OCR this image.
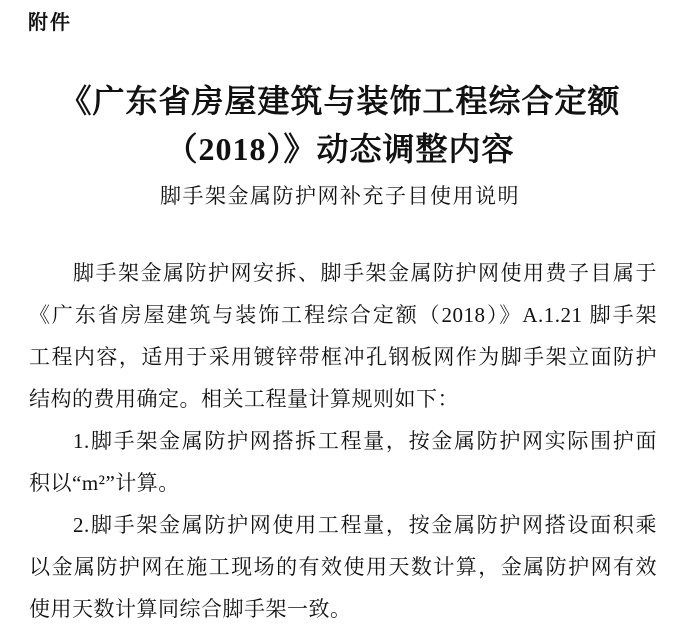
附件
《广东省房屋建筑与装饰工程综合定额
（2018）》动态调整内容
脚手架金属防护网补充子目使用说明
脚手架金属防护网安拆、脚手架金属防护网使用费子目属于
《广东省房屋建筑与装饰工程综合定额（2018）》A.1.21 脚手架
工程内容，适用于采用镀锌带框冲孔钢板网作为脚手架立面防护
结构的费用确定。相关工程量计算规则如下：
1.脚手架金属防护网搭拆工程量，按金属防护网实际围护面
积以“m²”计算。
2.脚手架金属防护网使用工程量，按金属防护网搭设面积乘
以金属防护网在施工现场的有效使用天数计算，金属防护网有效
使用天数计算同综合脚手架一致。
